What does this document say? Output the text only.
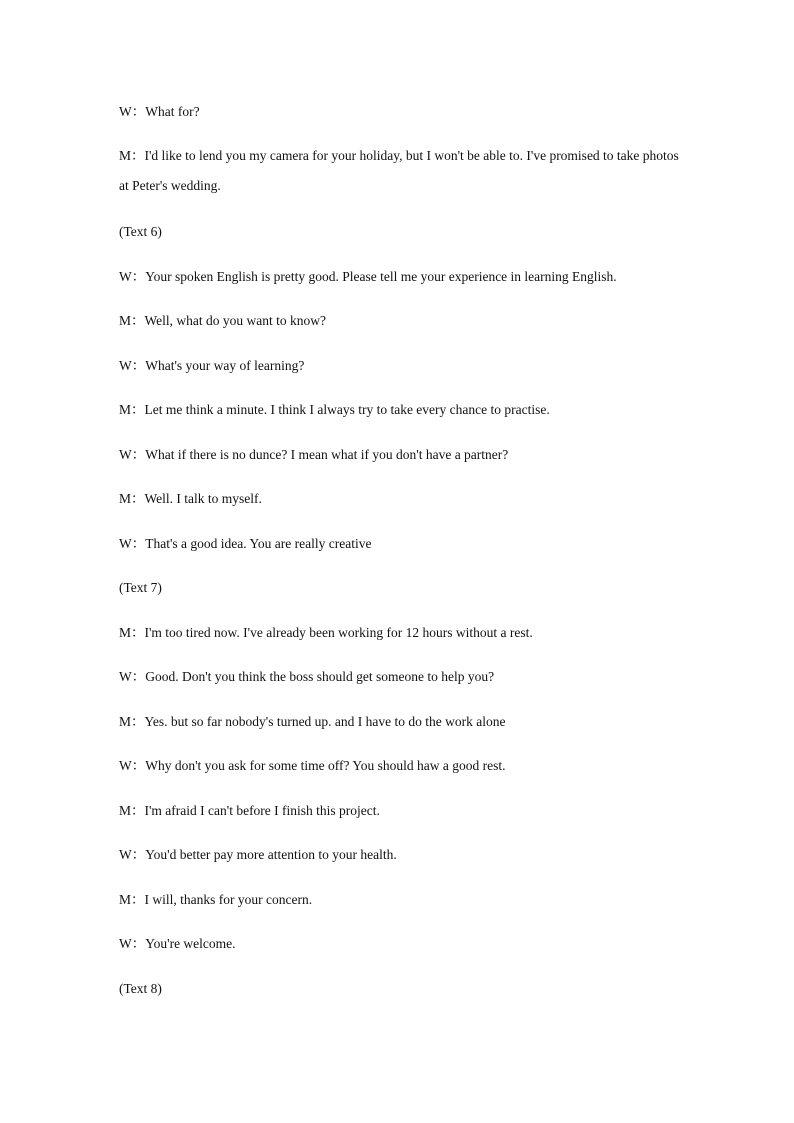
W：What for?
M：I'd like to lend you my camera for your holiday, but I won't be able to. I've promised to take photos at Peter's wedding.
(Text 6)
W：Your spoken English is pretty good. Please tell me your experience in learning English.
M：Well, what do you want to know?
W：What's your way of learning?
M：Let me think a minute. I think I always try to take every chance to practise.
W：What if there is no dunce? I mean what if you don't have a partner?
M：Well. I talk to myself.
W：That's a good idea. You are really creative
(Text 7)
M：I'm too tired now. I've already been working for 12 hours without a rest.
W：Good. Don't you think the boss should get someone to help you?
M：Yes. but so far nobody's turned up. and I have to do the work alone
W：Why don't you ask for some time off? You should haw a good rest.
M：I'm afraid I can't before I finish this project.
W：You'd better pay more attention to your health.
M：I will, thanks for your concern.
W：You're welcome.
(Text 8)
